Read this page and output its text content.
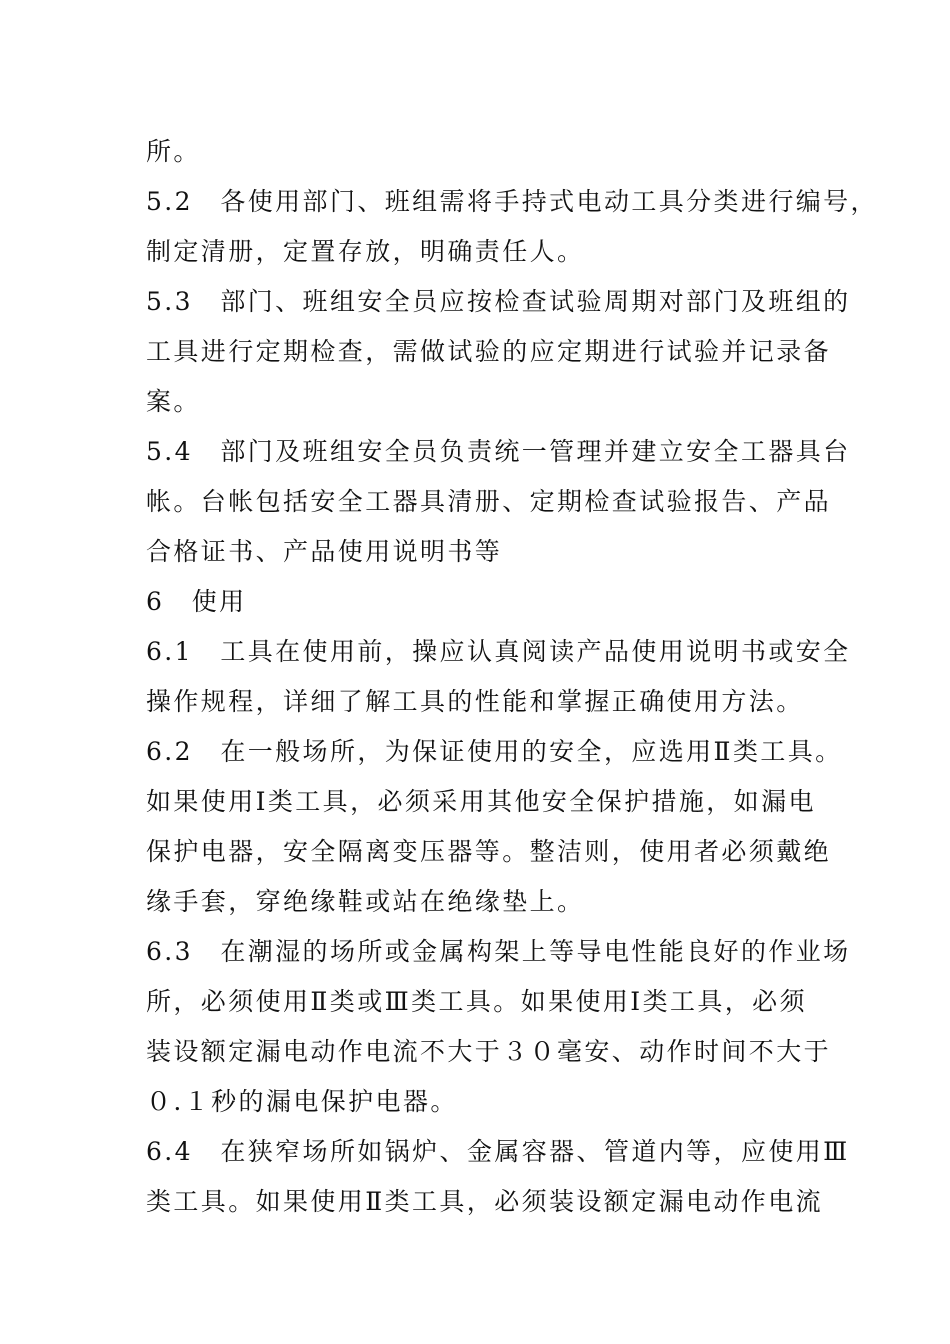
所。
5.2　各使用部门、班组需将手持式电动工具分类进行编号，
制定清册，定置存放，明确责任人。
5.3　部门、班组安全员应按检查试验周期对部门及班组的
工具进行定期检查，需做试验的应定期进行试验并记录备
案。
5.4　部门及班组安全员负责统一管理并建立安全工器具台
帐。台帐包括安全工器具清册、定期检查试验报告、产品
合格证书、产品使用说明书等
6　使用
6.1　工具在使用前，操应认真阅读产品使用说明书或安全
操作规程，详细了解工具的性能和掌握正确使用方法。
6.2　在一般场所，为保证使用的安全，应选用Ⅱ类工具。
如果使用Ⅰ类工具，必须采用其他安全保护措施，如漏电
保护电器，安全隔离变压器等。整洁则，使用者必须戴绝
缘手套，穿绝缘鞋或站在绝缘垫上。
6.3　在潮湿的场所或金属构架上等导电性能良好的作业场
所，必须使用Ⅱ类或Ⅲ类工具。如果使用Ⅰ类工具，必须
装设额定漏电动作电流不大于３０毫安、动作时间不大于
０.１秒的漏电保护电器。
6.4　在狭窄场所如锅炉、金属容器、管道内等，应使用Ⅲ
类工具。如果使用Ⅱ类工具，必须装设额定漏电动作电流
